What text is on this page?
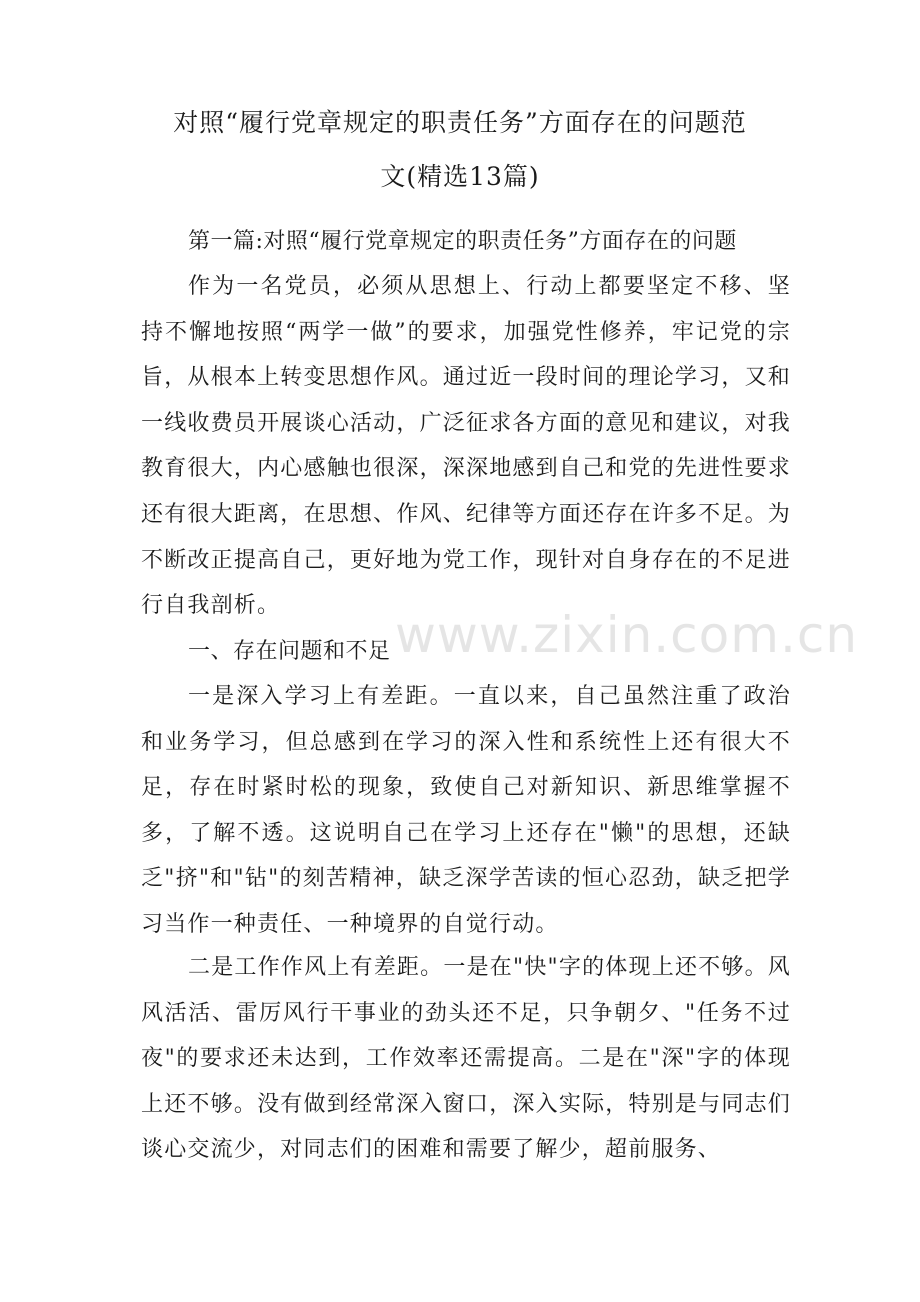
对照“履行党章规定的职责任务”方面存在的问题范
文(精选13篇)
第一篇:对照“履行党章规定的职责任务”方面存在的问题

作为一名党员，必须从思想上、行动上都要坚定不移、坚持不懈地按照“两学一做”的要求，加强党性修养，牢记党的宗旨，从根本上转变思想作风。通过近一段时间的理论学习，又和一线收费员开展谈心活动，广泛征求各方面的意见和建议，对我教育很大，内心感触也很深，深深地感到自己和党的先进性要求还有很大距离，在思想、作风、纪律等方面还存在许多不足。为不断改正提高自己，更好地为党工作，现针对自身存在的不足进行自我剖析。

一、存在问题和不足

一是深入学习上有差距。一直以来，自己虽然注重了政治和业务学习，但总感到在学习的深入性和系统性上还有很大不足，存在时紧时松的现象，致使自己对新知识、新思维掌握不多，了解不透。这说明自己在学习上还存在"懒"的思想，还缺乏"挤"和"钻"的刻苦精神，缺乏深学苦读的恒心忍劲，缺乏把学习当作一种责任、一种境界的自觉行动。

二是工作作风上有差距。一是在"快"字的体现上还不够。风风活活、雷厉风行干事业的劲头还不足，只争朝夕、"任务不过夜"的要求还未达到，工作效率还需提高。二是在"深"字的体现上还不够。没有做到经常深入窗口，深入实际，特别是与同志们谈心交流少，对同志们的困难和需要了解少，超前服务、

www.zixin.com.cn
